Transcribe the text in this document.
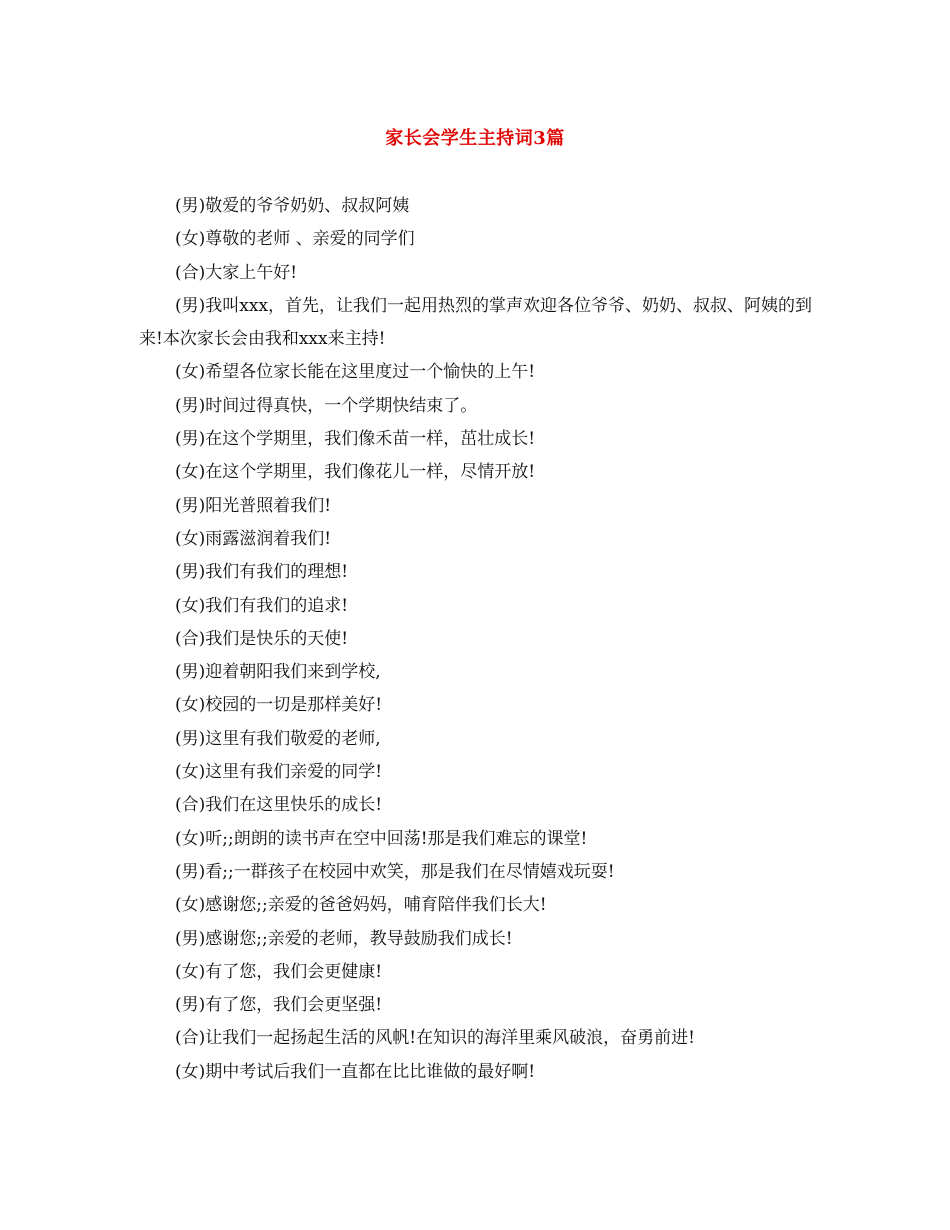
家长会学生主持词3篇

(男)敬爱的爷爷奶奶、叔叔阿姨

(女)尊敬的老师 、亲爱的同学们

(合)大家上午好!

(男)我叫xxx，首先，让我们一起用热烈的掌声欢迎各位爷爷、奶奶、叔叔、阿姨的到来!本次家长会由我和xxx来主持!

(女)希望各位家长能在这里度过一个愉快的上午!

(男)时间过得真快，一个学期快结束了。

(男)在这个学期里，我们像禾苗一样，茁壮成长!

(女)在这个学期里，我们像花儿一样，尽情开放!

(男)阳光普照着我们!

(女)雨露滋润着我们!

(男)我们有我们的理想!

(女)我们有我们的追求!

(合)我们是快乐的天使!

(男)迎着朝阳我们来到学校,

(女)校园的一切是那样美好!

(男)这里有我们敬爱的老师,

(女)这里有我们亲爱的同学!

(合)我们在这里快乐的成长!

(女)听;;朗朗的读书声在空中回荡!那是我们难忘的课堂!

(男)看;;一群孩子在校园中欢笑，那是我们在尽情嬉戏玩耍!

(女)感谢您;;亲爱的爸爸妈妈，哺育陪伴我们长大!

(男)感谢您;;亲爱的老师，教导鼓励我们成长!

(女)有了您，我们会更健康!

(男)有了您，我们会更坚强!

(合)让我们一起扬起生活的风帆!在知识的海洋里乘风破浪，奋勇前进!

(女)期中考试后我们一直都在比比谁做的最好啊!
